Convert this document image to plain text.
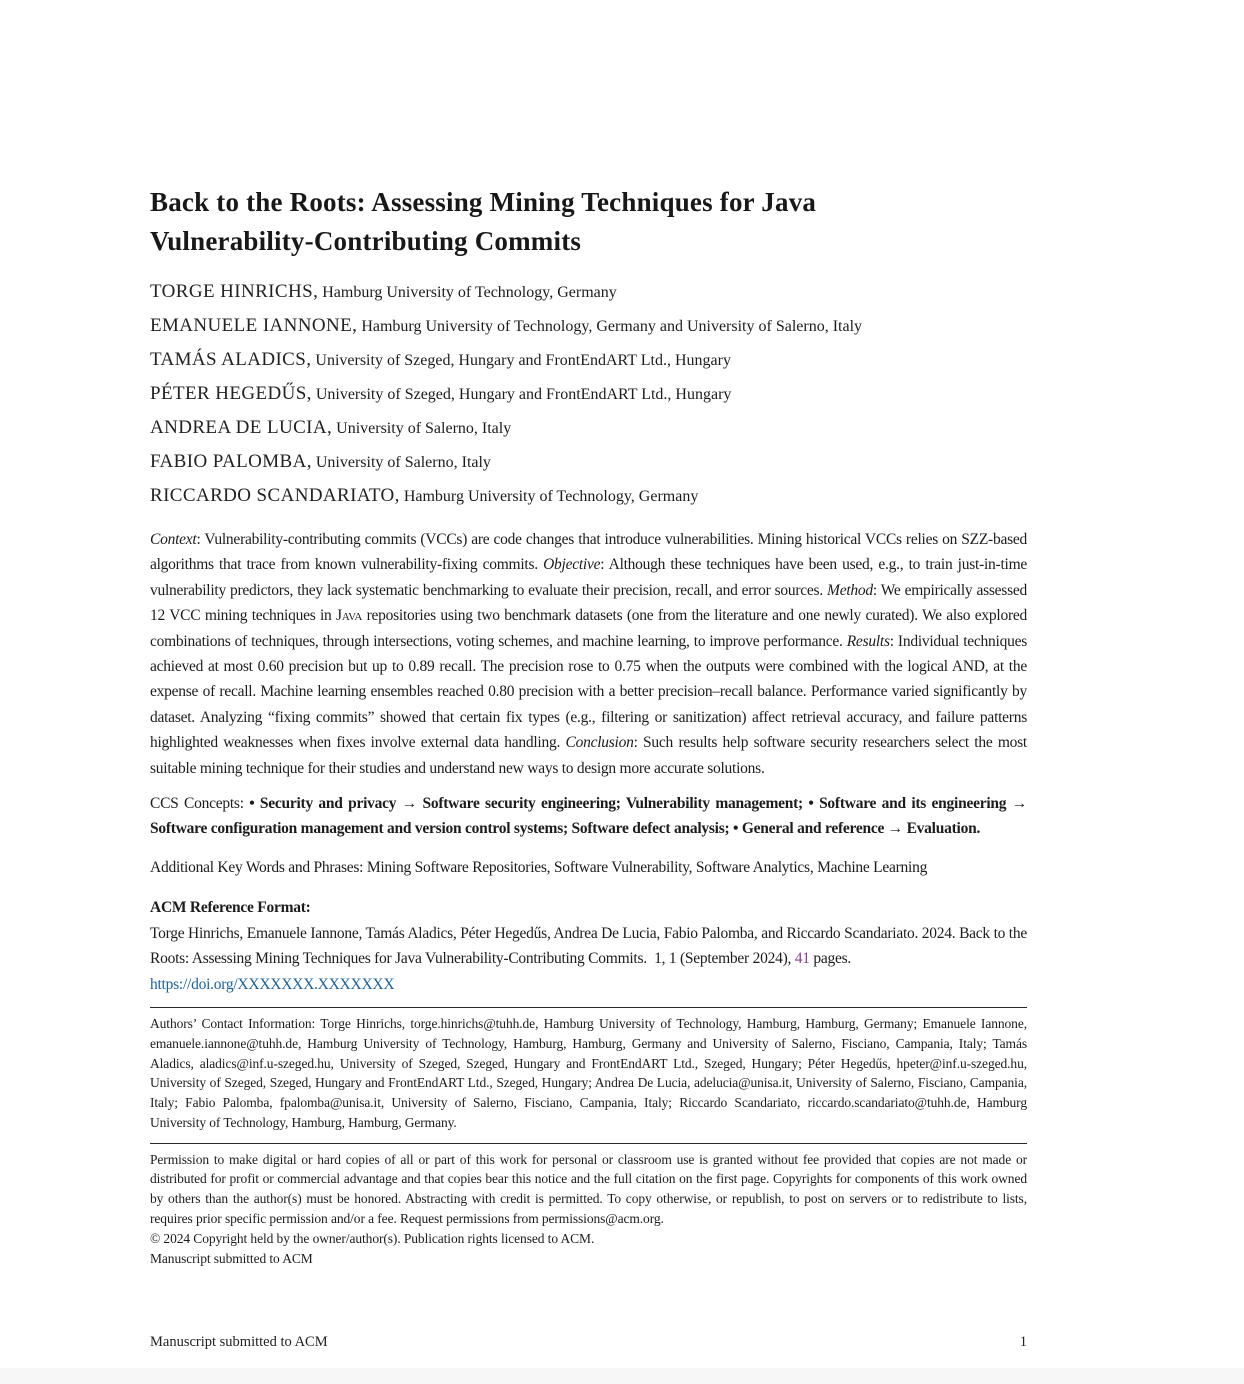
Back to the Roots: Assessing Mining Techniques for Java
Vulnerability-Contributing Commits
TORGE HINRICHS, Hamburg University of Technology, Germany
EMANUELE IANNONE, Hamburg University of Technology, Germany and University of Salerno, Italy
TAMÁS ALADICS, University of Szeged, Hungary and FrontEndART Ltd., Hungary
PÉTER HEGEDŰS, University of Szeged, Hungary and FrontEndART Ltd., Hungary
ANDREA DE LUCIA, University of Salerno, Italy
FABIO PALOMBA, University of Salerno, Italy
RICCARDO SCANDARIATO, Hamburg University of Technology, Germany

Context: Vulnerability-contributing commits (VCCs) are code changes that introduce vulnerabilities. Mining historical VCCs relies on SZZ-based algorithms that trace from known vulnerability-fixing commits. Objective: Although these techniques have been used, e.g., to train just-in-time vulnerability predictors, they lack systematic benchmarking to evaluate their precision, recall, and error sources. Method: We empirically assessed 12 VCC mining techniques in Java repositories using two benchmark datasets (one from the literature and one newly curated). We also explored combinations of techniques, through intersections, voting schemes, and machine learning, to improve performance. Results: Individual techniques achieved at most 0.60 precision but up to 0.89 recall. The precision rose to 0.75 when the outputs were combined with the logical AND, at the expense of recall. Machine learning ensembles reached 0.80 precision with a better precision–recall balance. Performance varied significantly by dataset. Analyzing “fixing commits” showed that certain fix types (e.g., filtering or sanitization) affect retrieval accuracy, and failure patterns highlighted weaknesses when fixes involve external data handling. Conclusion: Such results help software security researchers select the most suitable mining technique for their studies and understand new ways to design more accurate solutions.

CCS Concepts: • Security and privacy → Software security engineering; Vulnerability management; • Software and its engineering → Software configuration management and version control systems; Software defect analysis; • General and reference → Evaluation.

Additional Key Words and Phrases: Mining Software Repositories, Software Vulnerability, Software Analytics, Machine Learning

ACM Reference Format:

Torge Hinrichs, Emanuele Iannone, Tamás Aladics, Péter Hegedűs, Andrea De Lucia, Fabio Palomba, and Riccardo Scandariato. 2024. Back to the Roots: Assessing Mining Techniques for Java Vulnerability-Contributing Commits.  1, 1 (September 2024), 41 pages.

https://doi.org/XXXXXXX.XXXXXXX

Authors’ Contact Information: Torge Hinrichs, torge.hinrichs@tuhh.de, Hamburg University of Technology, Hamburg, Hamburg, Germany; Emanuele Iannone, emanuele.iannone@tuhh.de, Hamburg University of Technology, Hamburg, Hamburg, Germany and University of Salerno, Fisciano, Campania, Italy; Tamás Aladics, aladics@inf.u-szeged.hu, University of Szeged, Szeged, Hungary and FrontEndART Ltd., Szeged, Hungary; Péter Hegedűs, hpeter@inf.u-szeged.hu, University of Szeged, Szeged, Hungary and FrontEndART Ltd., Szeged, Hungary; Andrea De Lucia, adelucia@unisa.it, University of Salerno, Fisciano, Campania, Italy; Fabio Palomba, fpalomba@unisa.it, University of Salerno, Fisciano, Campania, Italy; Riccardo Scandariato, riccardo.scandariato@tuhh.de, Hamburg University of Technology, Hamburg, Hamburg, Germany.

Permission to make digital or hard copies of all or part of this work for personal or classroom use is granted without fee provided that copies are not made or distributed for profit or commercial advantage and that copies bear this notice and the full citation on the first page. Copyrights for components of this work owned by others than the author(s) must be honored. Abstracting with credit is permitted. To copy otherwise, or republish, to post on servers or to redistribute to lists, requires prior specific permission and/or a fee. Request permissions from permissions@acm.org.

© 2024 Copyright held by the owner/author(s). Publication rights licensed to ACM.

Manuscript submitted to ACM

Manuscript submitted to ACM	1
